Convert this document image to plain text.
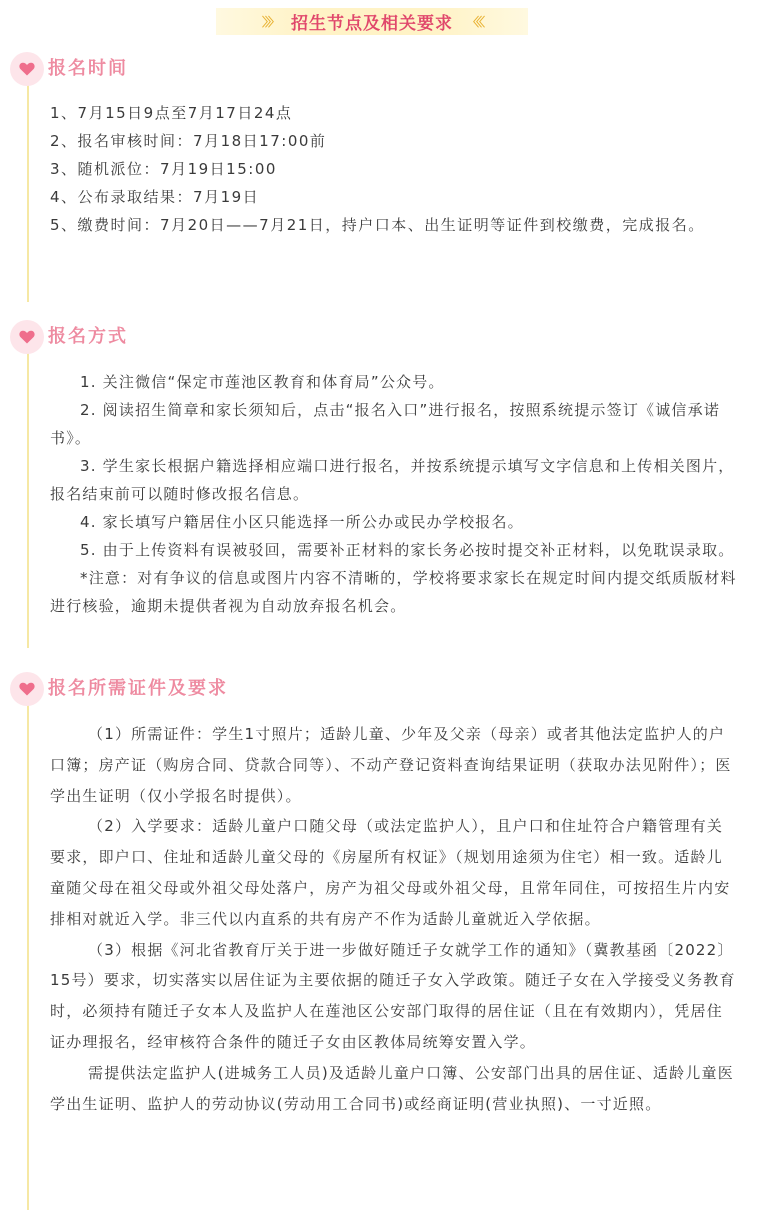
〉〉〉 招生节点及相关要求 〈〈〈
报名时间

1、7月15日9点至7月17日24点

2、报名审核时间：7月18日17:00前

3、随机派位：7月19日15:00

4、公布录取结果：7月19日

5、缴费时间：7月20日——7月21日，持户口本、出生证明等证件到校缴费，完成报名。

报名方式

1. 关注微信“保定市莲池区教育和体育局”公众号。

2. 阅读招生简章和家长须知后，点击“报名入口”进行报名，按照系统提示签订《诚信承诺书》。

3. 学生家长根据户籍选择相应端口进行报名，并按系统提示填写文字信息和上传相关图片，报名结束前可以随时修改报名信息。

4. 家长填写户籍居住小区只能选择一所公办或民办学校报名。

5. 由于上传资料有误被驳回，需要补正材料的家长务必按时提交补正材料，以免耽误录取。

*注意：对有争议的信息或图片内容不清晰的，学校将要求家长在规定时间内提交纸质版材料进行核验，逾期未提供者视为自动放弃报名机会。

报名所需证件及要求

（1）所需证件：学生1寸照片；适龄儿童、少年及父亲（母亲）或者其他法定监护人的户口簿；房产证（购房合同、贷款合同等）、不动产登记资料查询结果证明（获取办法见附件）；医学出生证明（仅小学报名时提供）。

（2）入学要求：适龄儿童户口随父母（或法定监护人），且户口和住址符合户籍管理有关要求，即户口、住址和适龄儿童父母的《房屋所有权证》（规划用途须为住宅）相一致。适龄儿童随父母在祖父母或外祖父母处落户，房产为祖父母或外祖父母，且常年同住，可按招生片内安排相对就近入学。非三代以内直系的共有房产不作为适龄儿童就近入学依据。

（3）根据《河北省教育厅关于进一步做好随迁子女就学工作的通知》（冀教基函〔2022〕15号）要求，切实落实以居住证为主要依据的随迁子女入学政策。随迁子女在入学接受义务教育时，必须持有随迁子女本人及监护人在莲池区公安部门取得的居住证（且在有效期内），凭居住证办理报名，经审核符合条件的随迁子女由区教体局统筹安置入学。

需提供法定监护人(进城务工人员)及适龄儿童户口簿、公安部门出具的居住证、适龄儿童医学出生证明、监护人的劳动协议(劳动用工合同书)或经商证明(营业执照)、一寸近照。
